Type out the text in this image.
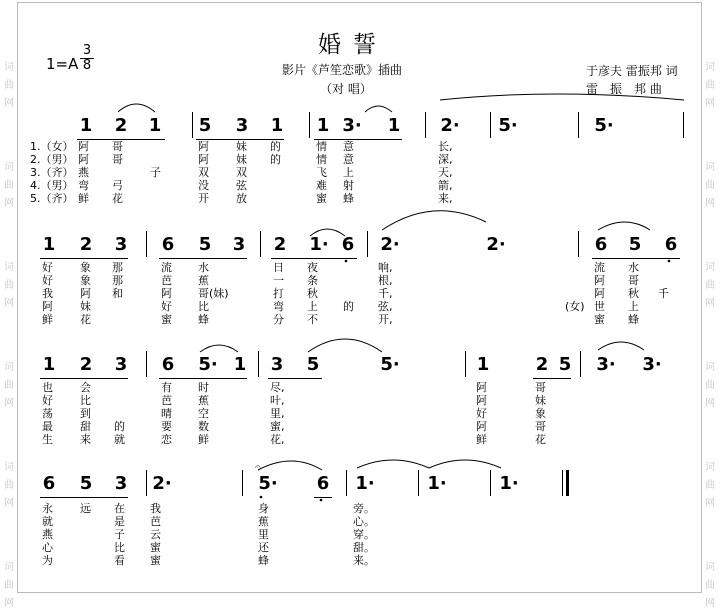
词
曲
网
词
曲
网
词
曲
网
词
曲
网
词
曲
网
词
曲
网
词
曲
网
词
曲
网
词
曲
网
词
曲
网
词
曲
网
词
曲
网
婚誓
影片《芦笙恋歌》插曲
（对 唱）
于彦夫 雷振邦 词
雷　振　邦 曲
$1=A \frac{3}{8}$
1 2 1 5 3 1 1 3· 1 2· 5·	5·
1.（女）
2.（男）
3.（齐）
4.（男）
5.（齐）
阿 哥	阿 妹 的	情 意	长,
阿 哥	阿 妹 的	情 意	深,
燕	子	双 双	飞 上	天,
弯 弓	没 弦	难 射	箭,
鲜 花	开 放	蜜 蜂	来,
1 2 3 6 5 3 2 1· 6 2·	2·	6 5 6
好 象 那	流 水	日 夜	响,	流 水
好 象 那	芭 蕉	一 条	根,	阿 哥
我 阿 和	阿 哥(妹)	打 秋	千,	阿 秋 千
阿 妹	好 比	弯 上 的 弦,	(女) 世 上
鲜 花	蜜 蜂	分 不	开,	蜜 蜂
1 2 3 6 5· 1 3 5	5·	1	2 5 3· 3·
也 会	有 时	尽,	阿	哥
好 比	芭 蕉	叶,	阿	妹
荡 到	晴 空	里,	好	象
最 甜 的	要 数	蜜,	阿	哥
生 来 就	恋 鲜	花,	鲜	花
6 5 3 2·	5· 6 1·	1·	1·
永 远 在 我	身	旁。
就	是 芭	蕉	心。
燕	子 云	里	穿。
心	比 蜜	还	甜。
为	看 蜜	蜂	来。
𝄐
